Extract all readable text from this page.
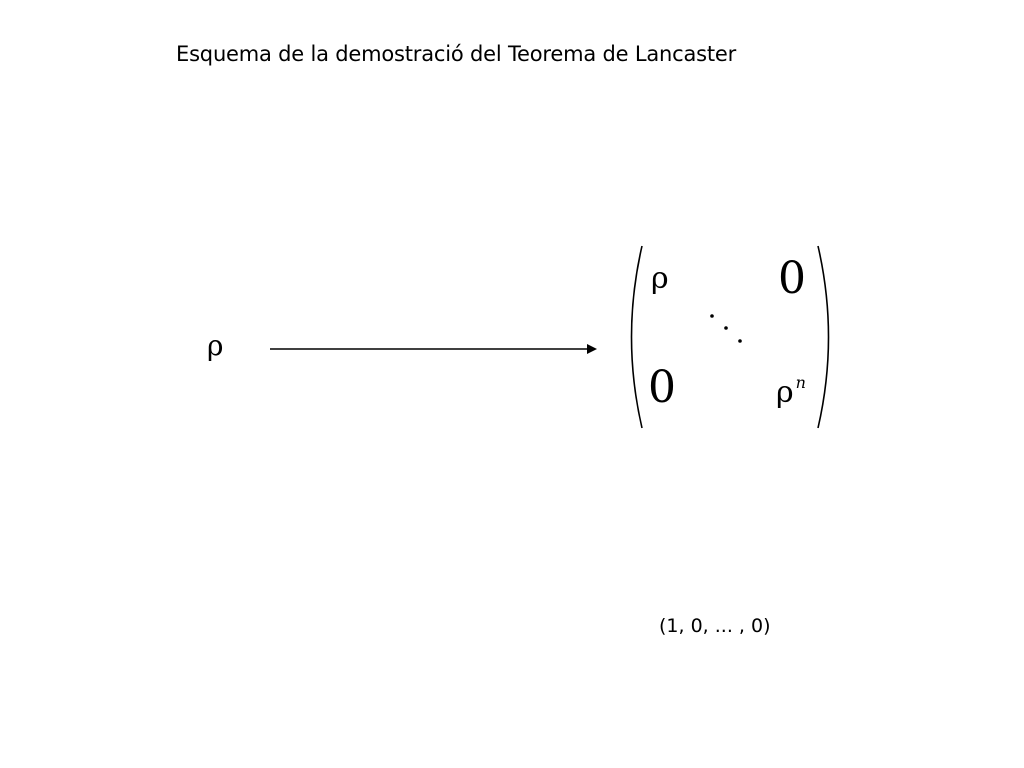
Esquema de la demostració del Teorema de Lancaster
ρ
ρ 0
0	ρ $^n$
(1, 0, ... , 0)
